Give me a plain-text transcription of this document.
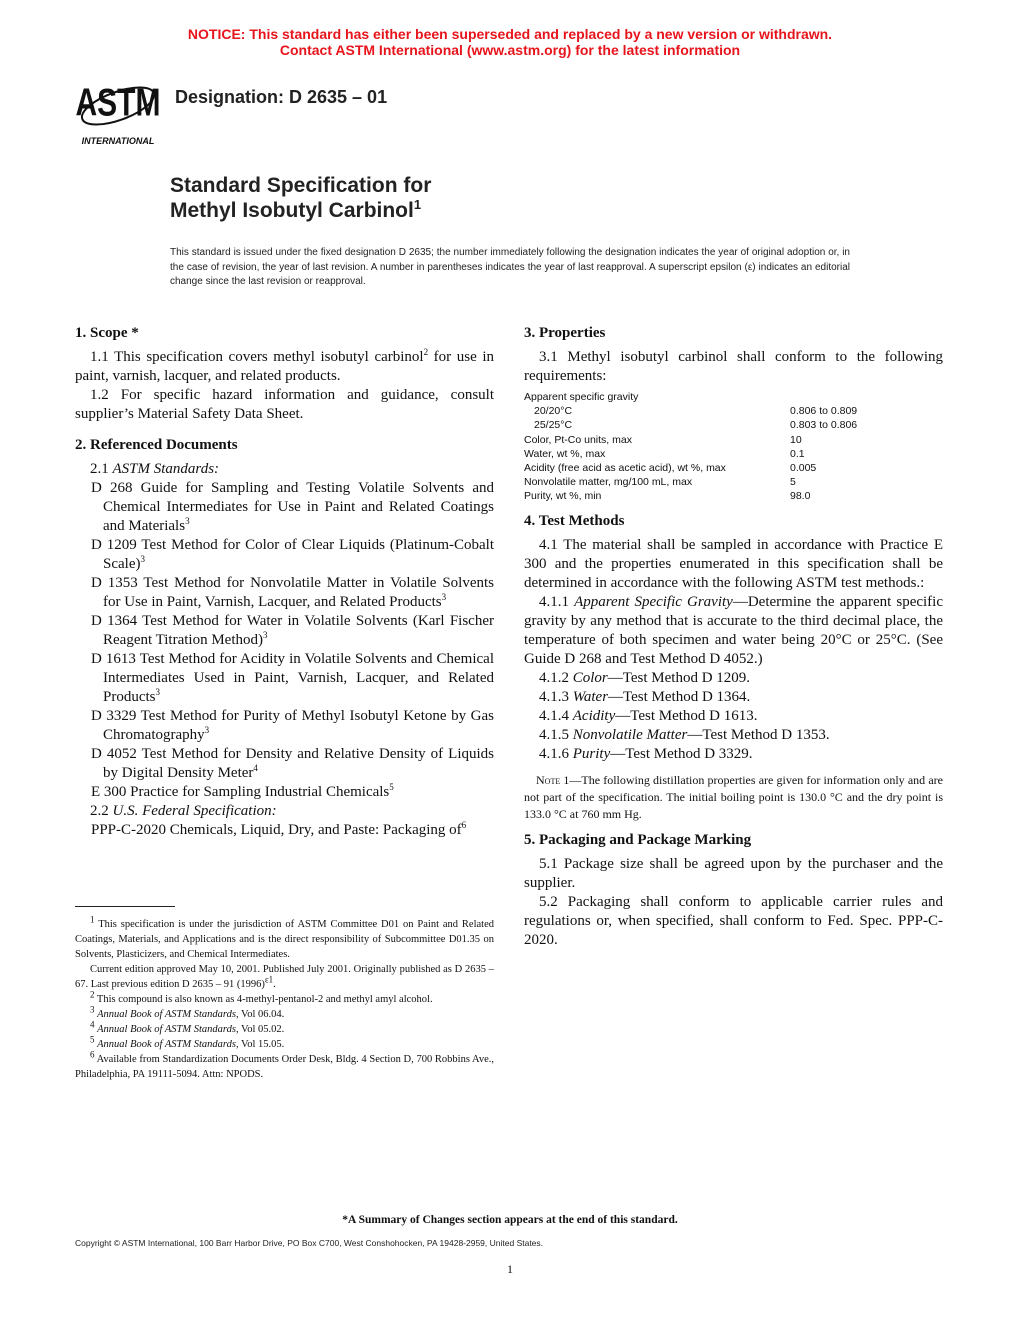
NOTICE: This standard has either been superseded and replaced by a new version or withdrawn.
Contact ASTM International (www.astm.org) for the latest information
ASTM
INTERNATIONAL
Designation: D 2635 – 01
Standard Specification for
Methyl Isobutyl Carbinol$^1$
This standard is issued under the fixed designation D 2635; the number immediately following the designation indicates the year of original adoption or, in the case of revision, the year of last revision. A number in parentheses indicates the year of last reapproval. A superscript epsilon (ε) indicates an editorial change since the last revision or reapproval.
1. Scope *

1.1 This specification covers methyl isobutyl carbinol$^2$ for use in paint, varnish, lacquer, and related products.

1.2 For specific hazard information and guidance, consult supplier’s Material Safety Data Sheet.

2. Referenced Documents

2.1 ASTM Standards:

D 268 Guide for Sampling and Testing Volatile Solvents and Chemical Intermediates for Use in Paint and Related Coatings and Materials$^3$

D 1209 Test Method for Color of Clear Liquids (Platinum-Cobalt Scale)$^3$

D 1353 Test Method for Nonvolatile Matter in Volatile Solvents for Use in Paint, Varnish, Lacquer, and Related Products$^3$

D 1364 Test Method for Water in Volatile Solvents (Karl Fischer Reagent Titration Method)$^3$

D 1613 Test Method for Acidity in Volatile Solvents and Chemical Intermediates Used in Paint, Varnish, Lacquer, and Related Products$^3$

D 3329 Test Method for Purity of Methyl Isobutyl Ketone by Gas Chromatography$^3$

D 4052 Test Method for Density and Relative Density of Liquids by Digital Density Meter$^4$

E 300 Practice for Sampling Industrial Chemicals$^5$

2.2 U.S. Federal Specification:

PPP-C-2020 Chemicals, Liquid, Dry, and Paste: Packaging $of^6$

3. Properties

3.1 Methyl isobutyl carbinol shall conform to the following requirements:

Apparent specific gravity
20/20°C	0.806 to 0.809
25/25°C	0.803 to 0.806
Color, Pt-Co units, max	10
Water, wt %, max	0.1
Acidity (free acid as acetic acid), wt %, max	0.005
Nonvolatile matter, mg/100 mL, max	5
Purity, wt %, min	98.0
4. Test Methods

4.1 The material shall be sampled in accordance with Practice E 300 and the properties enumerated in this specification shall be determined in accordance with the following ASTM test methods.:

4.1.1 Apparent Specific Gravity—Determine the apparent specific gravity by any method that is accurate to the third decimal place, the temperature of both specimen and water being 20°C or 25°C. (See Guide D 268 and Test Method D 4052.)

4.1.2 Color—Test Method D 1209.

4.1.3 Water—Test Method D 1364.

4.1.4 Acidity—Test Method D 1613.

4.1.5 Nonvolatile Matter—Test Method D 1353.

4.1.6 Purity—Test Method D 3329.

Note 1—The following distillation properties are given for information only and are not part of the specification. The initial boiling point is 130.0 °C and the dry point is 133.0 °C at 760 mm Hg.
5. Packaging and Package Marking

5.1 Package size shall be agreed upon by the purchaser and the supplier.

5.2 Packaging shall conform to applicable carrier rules and regulations or, when specified, shall conform to Fed. Spec. PPP-C-2020.

$^1$ This specification is under the jurisdiction of ASTM Committee D01 on Paint and Related Coatings, Materials, and Applications and is the direct responsibility of Subcommittee D01.35 on Solvents, Plasticizers, and Chemical Intermediates.

Current edition approved May 10, 2001. Published July 2001. Originally published as D 2635 – 67. Last previous edition D 2635 – 91 $(1996)^{\varepsilon 1}$.

$^2$ This compound is also known as 4-methyl-pentanol-2 and methyl amyl alcohol.

$^3$ Annual Book of ASTM Standards, Vol 06.04.

$^4$ Annual Book of ASTM Standards, Vol 05.02.

$^5$ Annual Book of ASTM Standards, Vol 15.05.

$^6$ Available from Standardization Documents Order Desk, Bldg. 4 Section D, 700 Robbins Ave., Philadelphia, PA 19111-5094. Attn: NPODS.

*A Summary of Changes section appears at the end of this standard.
Copyright © ASTM International, 100 Barr Harbor Drive, PO Box C700, West Conshohocken, PA 19428-2959, United States.
1
